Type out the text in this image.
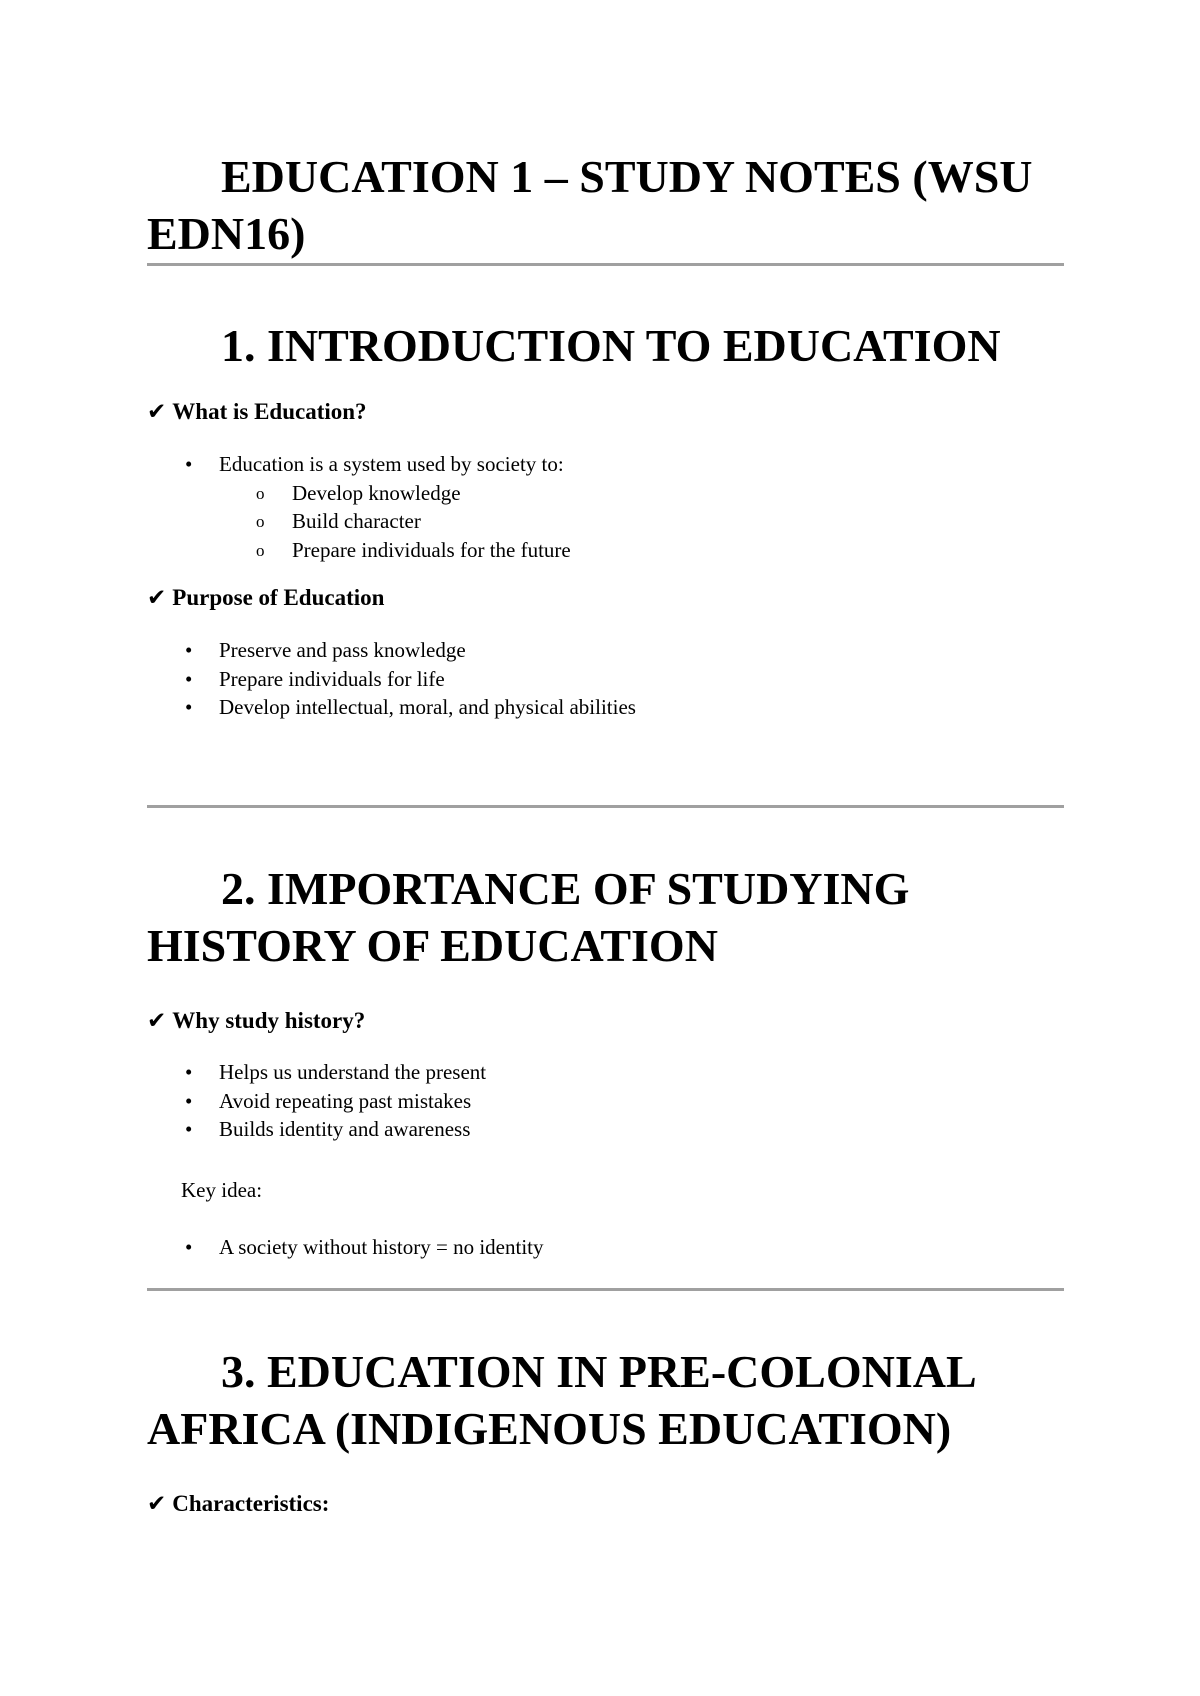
EDUCATION 1 – STUDY NOTES (WSU EDN16)
1. INTRODUCTION TO EDUCATION

✔ What is Education?

• Education is a system used by society to:
o Develop knowledge
o Build character
o Prepare individuals for the future

✔ Purpose of Education

• Preserve and pass knowledge
• Prepare individuals for life
• Develop intellectual, moral, and physical abilities
2. IMPORTANCE OF STUDYING HISTORY OF EDUCATION

✔ Why study history?

• Helps us understand the present
• Avoid repeating past mistakes
• Builds identity and awareness

Key idea:

• A society without history = no identity
3. EDUCATION IN PRE-COLONIAL AFRICA (INDIGENOUS EDUCATION)

✔ Characteristics:
